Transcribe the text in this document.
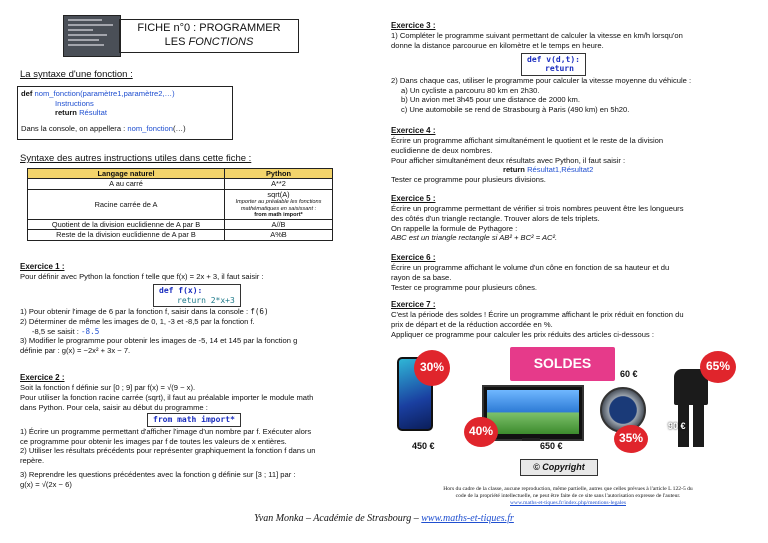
FICHE n°0 : PROGRAMMER
LES FONCTIONS
La syntaxe d'une fonction :

def nom_fonction(paramètre1,paramètre2,…)

Instructions

return Résultat

Dans la console, on appellera : nom_fonction(…)

Syntaxe des autres instructions utiles dans cette fiche :
Langage naturel	Python
A au carré	A**2
Racine carrée de A	sqrt(A)
Importer au préalable les fonctions mathématiques en saisissant :
from math import*

Quotient de la division euclidienne de A par B	A//B
Reste de la division euclidienne de A par B	A%B

Exercice 1 :

Pour définir avec Python la fonction f telle que f(x) = 2x + 3, il faut saisir :

def f(x):
return 2*x+3

1) Pour obtenir l'image de 6 par la fonction f, saisir dans la console : f(6)

2) Déterminer de même les images de 0, 1, -3 et -8,5 par la fonction f.

-8,5 se saisit : -8.5

3) Modifier le programme pour obtenir les images de -5, 14 et 145 par la fonction g

définie par : g(x) = −2x² + 3x − 7.

Exercice 2 :

Soit la fonction f définie sur [0 ; 9] par f(x) = √(9 − x).

Pour utiliser la fonction racine carrée (sqrt), il faut au préalable importer le module math

dans Python. Pour cela, saisir au début du programme :

from math import*

1) Écrire un programme permettant d'afficher l'image d'un nombre par f. Exécuter alors

ce programme pour obtenir les images par f de toutes les valeurs de x entières.

2) Utiliser les résultats précédents pour représenter graphiquement la fonction f dans un

repère.

3) Reprendre les questions précédentes avec la fonction g définie sur [3 ; 11] par :

g(x) = √(2x − 6)

Exercice 3 :

1) Compléter le programme suivant permettant de calculer la vitesse en km/h lorsqu'on

donne la distance parcourue en kilomètre et le temps en heure.

def v(d,t):
return

2) Dans chaque cas, utiliser le programme pour calculer la vitesse moyenne du véhicule :

a) Un cycliste a parcouru 80 km en 2h30.

b) Un avion met 3h45 pour une distance de 2000 km.

c) Une automobile se rend de Strasbourg à Paris (490 km) en 5h20.

Exercice 4 :

Écrire un programme affichant simultanément le quotient et le reste de la division

euclidienne de deux nombres.

Pour afficher simultanément deux résultats avec Python, il faut saisir :

return Résultat1,Résultat2

Tester ce programme pour plusieurs divisions.

Exercice 5 :

Écrire un programme permettant de vérifier si trois nombres peuvent être les longueurs

des côtés d'un triangle rectangle. Trouver alors de tels triplets.

On rappelle la formule de Pythagore :

ABC est un triangle rectangle si AB² + BC² = AC².

Exercice 6 :

Écrire un programme affichant le volume d'un cône en fonction de sa hauteur et du

rayon de sa base.

Tester ce programme pour plusieurs cônes.

Exercice 7 :

C'est la période des soldes ! Écrire un programme affichant le prix réduit en fonction du

prix de départ et de la réduction accordée en %.

Appliquer ce programme pour calculer les prix réduits des articles ci-dessous :

30%
450 €
SOLDES
40%
650 €
60 €
35%
65%
90 €
© Copyright
Hors du cadre de la classe, aucune reproduction, même partielle, autres que celles prévues à l'article L 122-5 du
code de la propriété intellectuelle, ne peut être faite de ce site sans l'autorisation expresse de l'auteur.
www.maths-et-tiques.fr/index.php/mentions-legales
Yvan Monka – Académie de Strasbourg – www.maths-et-tiques.fr
